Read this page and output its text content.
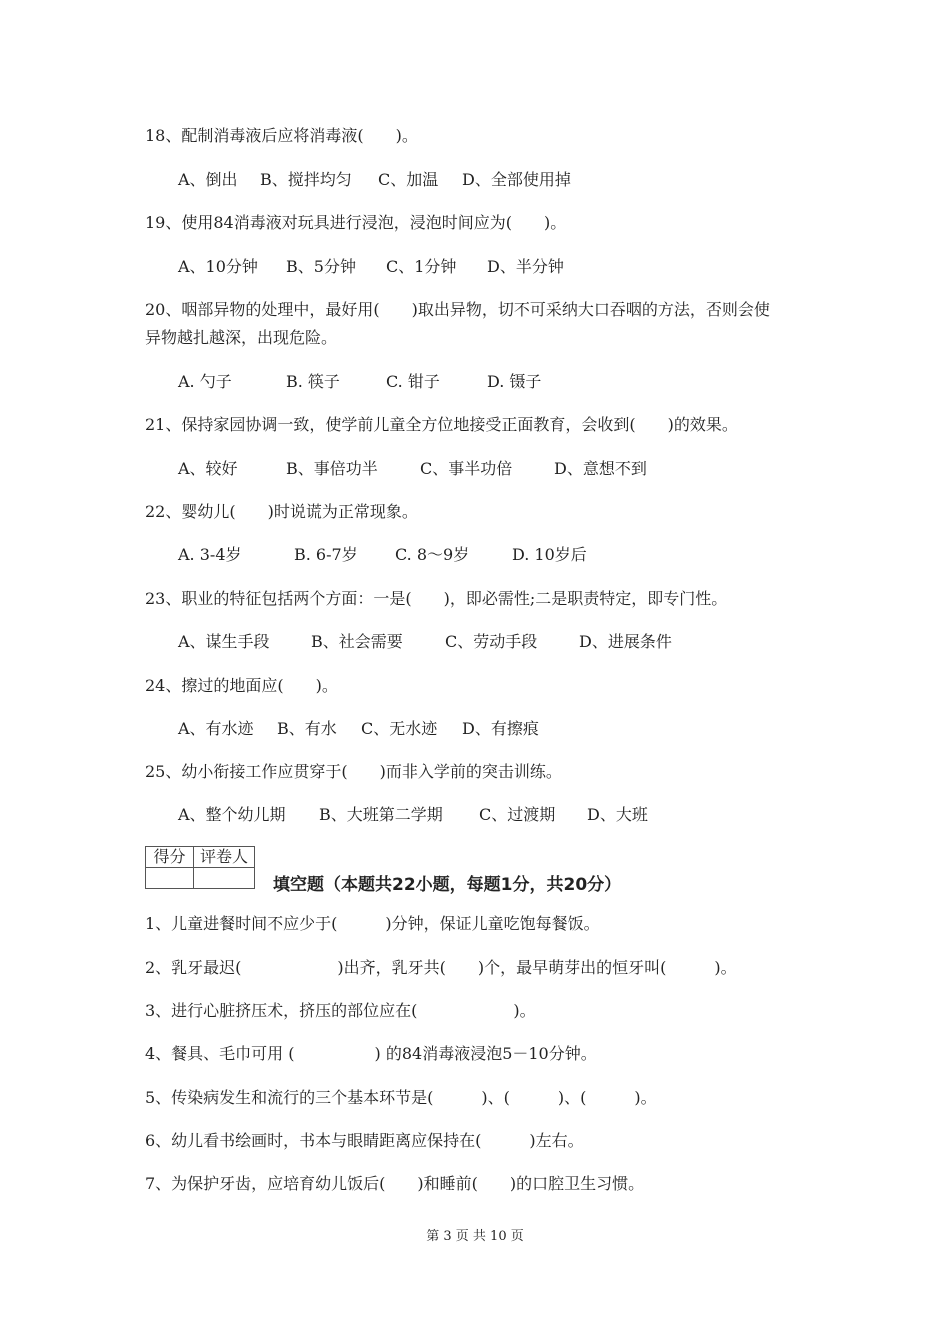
18、配制消毒液后应将消毒液(　　)。
A、倒出 B、搅拌均匀 C、加温 D、全部使用掉
19、使用84消毒液对玩具进行浸泡，浸泡时间应为(　　)。
A、10分钟 B、5分钟 C、1分钟 D、半分钟
20、咽部异物的处理中，最好用(　　)取出异物，切不可采纳大口吞咽的方法，否则会使
异物越扎越深，出现危险。
A. 勺子	B. 筷子	C. 钳子	D. 镊子
21、保持家园协调一致，使学前儿童全方位地接受正面教育，会收到(　　)的效果。
A、较好	B、事倍功半	C、事半功倍	D、意想不到
22、婴幼儿(　　)时说谎为正常现象。
A. 3-4岁	B. 6-7岁 C. 8～9岁	D. 10岁后
23、职业的特征包括两个方面：一是(　　)，即必需性;二是职责特定，即专门性。
A、谋生手段	B、社会需要	C、劳动手段	D、进展条件
24、擦过的地面应(　　)。
A、有水迹 B、有水 C、无水迹 D、有擦痕
25、幼小衔接工作应贯穿于(　　)而非入学前的突击训练。
A、整个幼儿期 B、大班第二学期 C、过渡期 D、大班
得分	评卷人

填空题（本题共22小题，每题1分，共20分）
1、儿童进餐时间不应少于(　　　)分钟，保证儿童吃饱每餐饭。
2、乳牙最迟(　　　　　　)出齐，乳牙共(　　)个，最早萌芽出的恒牙叫(　　　)。
3、进行心脏挤压术，挤压的部位应在(　　　　　　)。
4、餐具、毛巾可用 (　　　　　) 的84消毒液浸泡5－10分钟。
5、传染病发生和流行的三个基本环节是(　　　)、(　　　)、(　　　)。
6、幼儿看书绘画时，书本与眼睛距离应保持在(　　　)左右。
7、为保护牙齿，应培育幼儿饭后(　　)和睡前(　　)的口腔卫生习惯。
第 3 页 共 10 页
